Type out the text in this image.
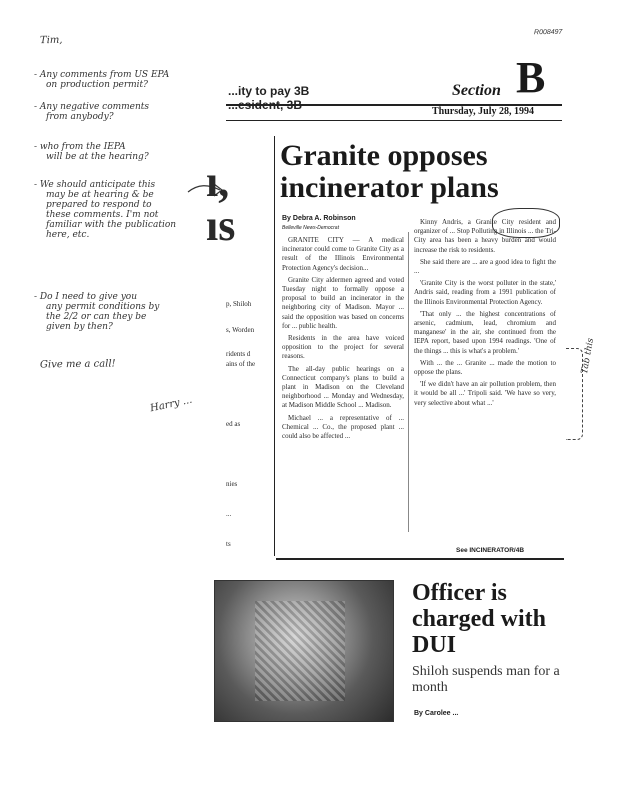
R008497
Tim,
- Any comments from US EPA
on production permit?
- Any negative comments
from anybody?
- who from the IEPA
will be at the hearing?
- We should anticipate this
may be at hearing & be
prepared to respond to
these comments. I'm not
familiar with the publication
here, etc.
- Do I need to give you
any permit conditions by
the 2/2 or can they be
given by then?
Give me a call!
Harry ...
Tab this
...ity to pay 3B	Section B
Thursday, July 28, 1994
ı,
ıs
p, Shiloh
s, Worden
ridents d
ains of the
ed as
nies
...
ts
Granite opposes incinerator plans
By Debra A. Robinson
Belleville News-Democrat

GRANITE CITY — A medical incinerator could come to Granite City as a result of the Illinois Environmental Protection Agency's decision...

Granite City aldermen agreed and voted Tuesday night to formally oppose a proposal to build an incinerator in the neighboring city of Madison. Mayor ... said the opposition was based on concerns for ... public health.

Residents in the area have voiced opposition to the project for several reasons.

The all-day public hearings on a Connecticut company's plans to build a plant in Madison on the Cleveland neighborhood ... Monday and Wednesday, at Madison Middle School ... Madison.

Michael ... a representative of ... Chemical ... Co., the proposed plant ... could also be affected ...

Kinny Andris, a Granite City resident and organizer of ... Stop Polluting in Illinois ... the Tri-City area has been a heavy burden and would increase the risk to residents.

She said there are ... are a good idea to fight the ...

'Granite City is the worst polluter in the state,' Andris said, reading from a 1991 publication of the Illinois Environmental Protection Agency.

'That only ... the highest concentrations of arsenic, cadmium, lead, chromium and manganese' in the air, she continued from the IEPA report, based upon 1994 readings. 'One of the things ... this is what's a problem.'

With ... the ... Granite ... made the motion to oppose the plans.

'If we didn't have an air pollution problem, then it would be all ...' Tripoli said. 'We have so very, very selective about what ...'

See INCINERATOR/4B
Officer is charged with DUI
Shiloh suspends man for a month
By Carolee ...
